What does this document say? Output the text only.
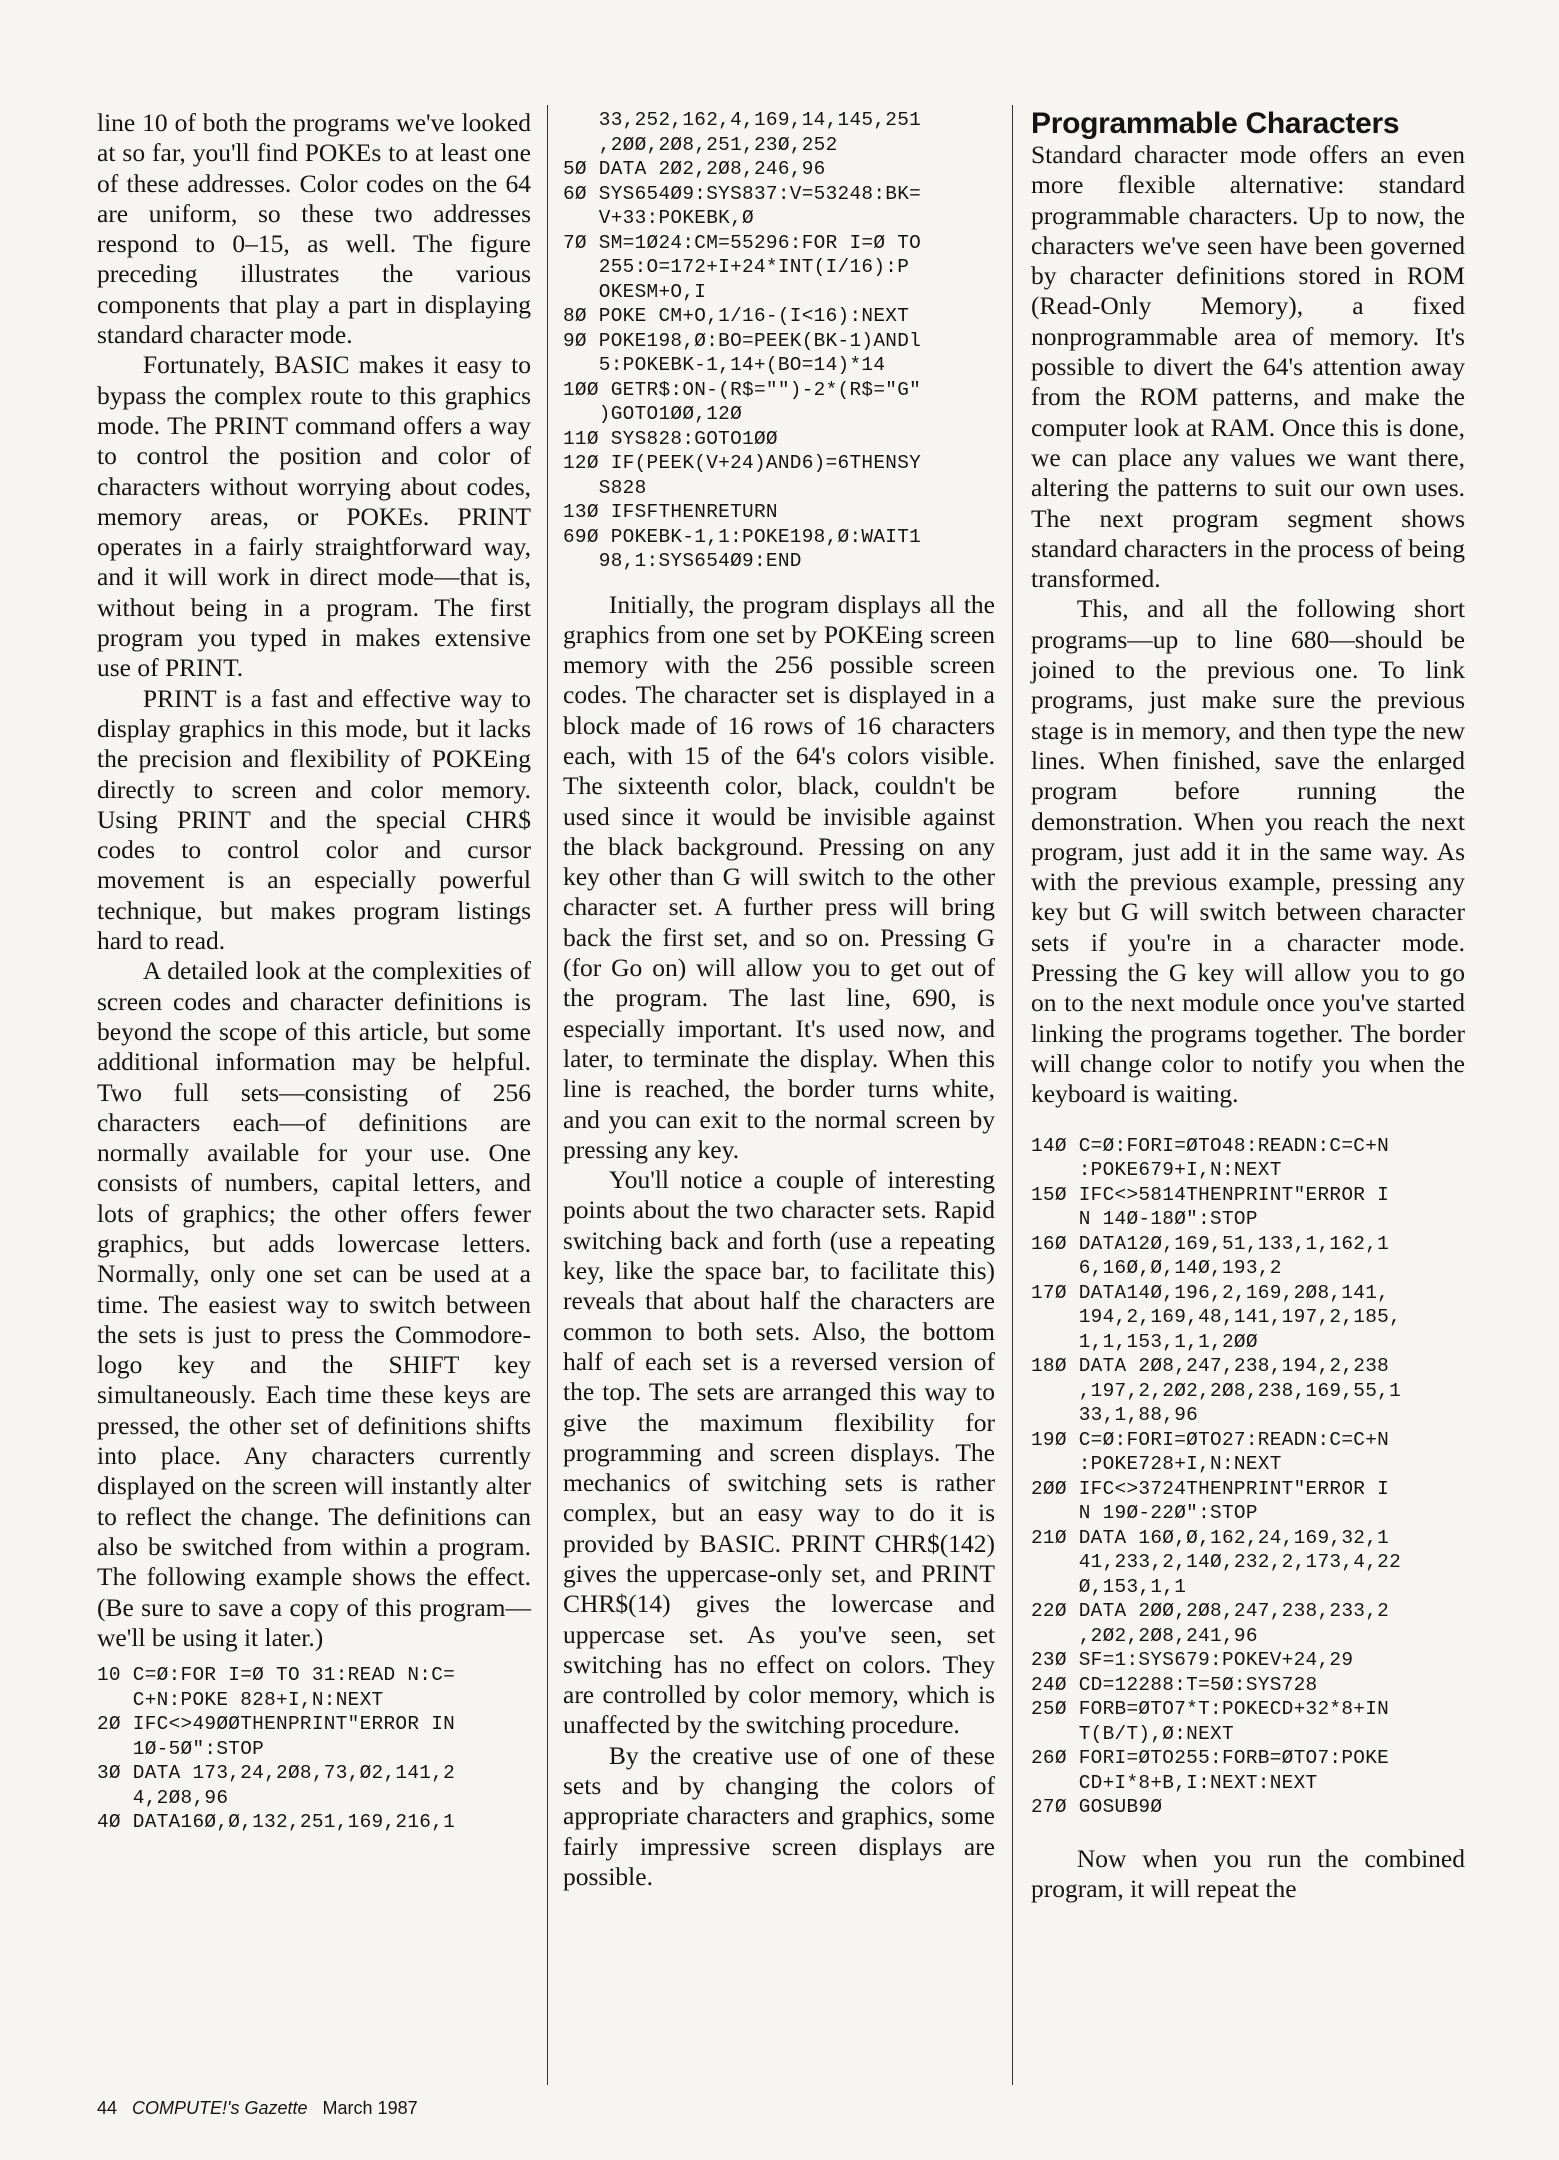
line 10 of both the programs we've looked at so far, you'll find POKEs to at least one of these addresses. Color codes on the 64 are uniform, so these two addresses respond to 0–15, as well. The figure preceding illustrates the various components that play a part in displaying standard character mode.

Fortunately, BASIC makes it easy to bypass the complex route to this graphics mode. The PRINT command offers a way to control the position and color of characters without worrying about codes, memory areas, or POKEs. PRINT operates in a fairly straightforward way, and it will work in direct mode—that is, without being in a program. The first program you typed in makes extensive use of PRINT.

PRINT is a fast and effective way to display graphics in this mode, but it lacks the precision and flexibility of POKEing directly to screen and color memory. Using PRINT and the special CHR$ codes to control color and cursor movement is an especially powerful technique, but makes program listings hard to read.

A detailed look at the complexities of screen codes and character definitions is beyond the scope of this article, but some additional information may be helpful. Two full sets—consisting of 256 characters each—of definitions are normally available for your use. One consists of numbers, capital letters, and lots of graphics; the other offers fewer graphics, but adds lowercase letters. Normally, only one set can be used at a time. The easiest way to switch between the sets is just to press the Commodore-logo key and the SHIFT key simultaneously. Each time these keys are pressed, the other set of definitions shifts into place. Any characters currently displayed on the screen will instantly alter to reflect the change. The definitions can also be switched from within a program. The following example shows the effect. (Be sure to save a copy of this program—we'll be using it later.)

10 C=Ø:FOR I=Ø TO 31:READ N:C=
C+N:POKE 828+I,N:NEXT
2Ø IFC<>49ØØTHENPRINT"ERROR IN
1Ø-5Ø":STOP
3Ø DATA 173,24,2Ø8,73,Ø2,141,2
4,2Ø8,96
4Ø DATA16Ø,Ø,132,251,169,216,1
33,252,162,4,169,14,145,251
,2ØØ,2Ø8,251,23Ø,252
5Ø DATA 2Ø2,2Ø8,246,96
6Ø SYS654Ø9:SYS837:V=53248:BK=
V+33:POKEBK,Ø
7Ø SM=1Ø24:CM=55296:FOR I=Ø TO
255:O=172+I+24*INT(I/16):P
OKESM+O,I
8Ø POKE CM+O,1/16-(I<16):NEXT
9Ø POKE198,Ø:BO=PEEK(BK-1)ANDl
5:POKEBK-1,14+(BO=14)*14
1ØØ GETR$:ON-(R$="")-2*(R$="G"
)GOTO1ØØ,12Ø
11Ø SYS828:GOTO1ØØ
12Ø IF(PEEK(V+24)AND6)=6THENSY
S828
13Ø IFSFTHENRETURN
69Ø POKEBK-1,1:POKE198,Ø:WAIT1
98,1:SYS654Ø9:END

Initially, the program displays all the graphics from one set by POKEing screen memory with the 256 possible screen codes. The character set is displayed in a block made of 16 rows of 16 characters each, with 15 of the 64's colors visible. The sixteenth color, black, couldn't be used since it would be invisible against the black background. Pressing on any key other than G will switch to the other character set. A further press will bring back the first set, and so on. Pressing G (for Go on) will allow you to get out of the program. The last line, 690, is especially important. It's used now, and later, to terminate the display. When this line is reached, the border turns white, and you can exit to the normal screen by pressing any key.

You'll notice a couple of interesting points about the two character sets. Rapid switching back and forth (use a repeating key, like the space bar, to facilitate this) reveals that about half the characters are common to both sets. Also, the bottom half of each set is a reversed version of the top. The sets are arranged this way to give the maximum flexibility for programming and screen displays. The mechanics of switching sets is rather complex, but an easy way to do it is provided by BASIC. PRINT CHR$(142) gives the uppercase-only set, and PRINT CHR$(14) gives the lowercase and uppercase set. As you've seen, set switching has no effect on colors. They are controlled by color memory, which is unaffected by the switching procedure.

By the creative use of one of these sets and by changing the colors of appropriate characters and graphics, some fairly impressive screen displays are possible.

Programmable Characters

Standard character mode offers an even more flexible alternative: standard programmable characters. Up to now, the characters we've seen have been governed by character definitions stored in ROM (Read-Only Memory), a fixed nonprogrammable area of memory. It's possible to divert the 64's attention away from the ROM patterns, and make the computer look at RAM. Once this is done, we can place any values we want there, altering the patterns to suit our own uses. The next program segment shows standard characters in the process of being transformed.

This, and all the following short programs—up to line 680—should be joined to the previous one. To link programs, just make sure the previous stage is in memory, and then type the new lines. When finished, save the enlarged program before running the demonstration. When you reach the next program, just add it in the same way. As with the previous example, pressing any key but G will switch between character sets if you're in a character mode. Pressing the G key will allow you to go on to the next module once you've started linking the programs together. The border will change color to notify you when the keyboard is waiting.

14Ø C=Ø:FORI=ØTO48:READN:C=C+N
:POKE679+I,N:NEXT
15Ø IFC<>5814THENPRINT"ERROR I
N 14Ø-18Ø":STOP
16Ø DATA12Ø,169,51,133,1,162,1
6,16Ø,Ø,14Ø,193,2
17Ø DATA14Ø,196,2,169,2Ø8,141,
194,2,169,48,141,197,2,185,
1,1,153,1,1,2ØØ
18Ø DATA 2Ø8,247,238,194,2,238
,197,2,2Ø2,2Ø8,238,169,55,1
33,1,88,96
19Ø C=Ø:FORI=ØTO27:READN:C=C+N
:POKE728+I,N:NEXT
2ØØ IFC<>3724THENPRINT"ERROR I
N 19Ø-22Ø":STOP
21Ø DATA 16Ø,Ø,162,24,169,32,1
41,233,2,14Ø,232,2,173,4,22
Ø,153,1,1
22Ø DATA 2ØØ,2Ø8,247,238,233,2
,2Ø2,2Ø8,241,96
23Ø SF=1:SYS679:POKEV+24,29
24Ø CD=12288:T=5Ø:SYS728
25Ø FORB=ØTO7*T:POKECD+32*8+IN
T(B/T),Ø:NEXT
26Ø FORI=ØTO255:FORB=ØTO7:POKE
CD+I*8+B,I:NEXT:NEXT
27Ø GOSUB9Ø

Now when you run the combined program, it will repeat the

44 COMPUTE!'s Gazette March 1987
